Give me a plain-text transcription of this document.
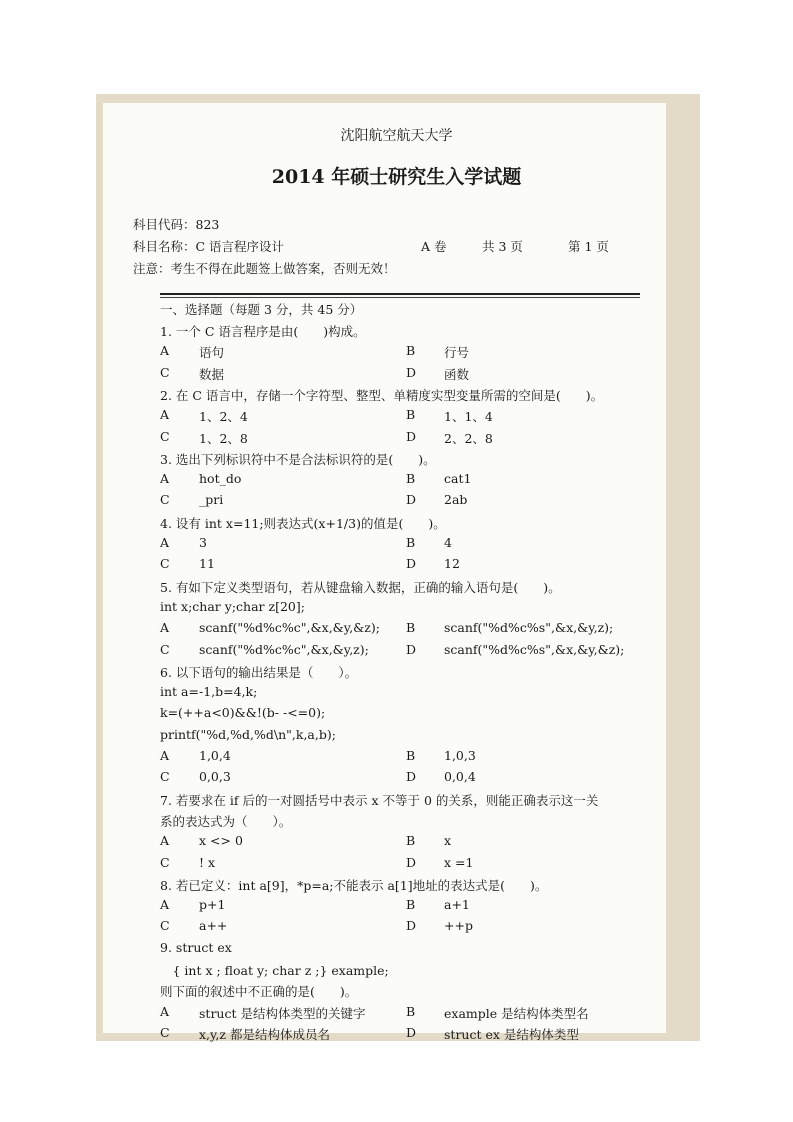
沈阳航空航天大学
2014 年硕士研究生入学试题
科目代码：823
科目名称：C 语言程序设计	A 卷	共 3 页	第 1 页
注意：考生不得在此题签上做答案，否则无效！
一、选择题（每题 3 分，共 45 分）
1. 一个 C 语言程序是由(　　)构成。
A 语句	B 行号
C 数据	D 函数
2. 在 C 语言中，存储一个字符型、整型、单精度实型变量所需的空间是(　　)。
A 1、2、4	B 1、1、4
C 1、2、8	D 2、2、8
3. 选出下列标识符中不是合法标识符的是(　　)。
A hot_do	B cat1
C _pri	D 2ab
4. 设有 int x=11;则表达式(x+1/3)的值是(　　)。
A 3	B 4
C 11	D 12
5. 有如下定义类型语句，若从键盘输入数据，正确的输入语句是(　　)。
int x;char y;char z[20];
A scanf("%d%c%c",&x,&y,&z); B scanf("%d%c%s",&x,&y,z);
C scanf("%d%c%c",&x,&y,z);	D scanf("%d%c%s",&x,&y,&z);
6. 以下语句的输出结果是（　　）。
int a=-1,b=4,k;
k=(++a<0)&&!(b- -<=0);
printf("%d,%d,%d\n",k,a,b);
A 1,0,4	B 1,0,3
C 0,0,3	D 0,0,4
7. 若要求在 if 后的一对圆括号中表示 x 不等于 0 的关系，则能正确表示这一关
系的表达式为（　　）。
A x <> 0	B x
C ! x	D x =1
8. 若已定义：int a[9]，*p=a;不能表示 a[1]地址的表达式是(　　)。
A p+1	B a+1
C a++	D ++p
9. struct ex
　{ int x ; float y; char z ;} example;
则下面的叙述中不正确的是(　　)。
A struct 是结构体类型的关键字	B example 是结构体类型名
C x,y,z 都是结构体成员名	D struct ex 是结构体类型
